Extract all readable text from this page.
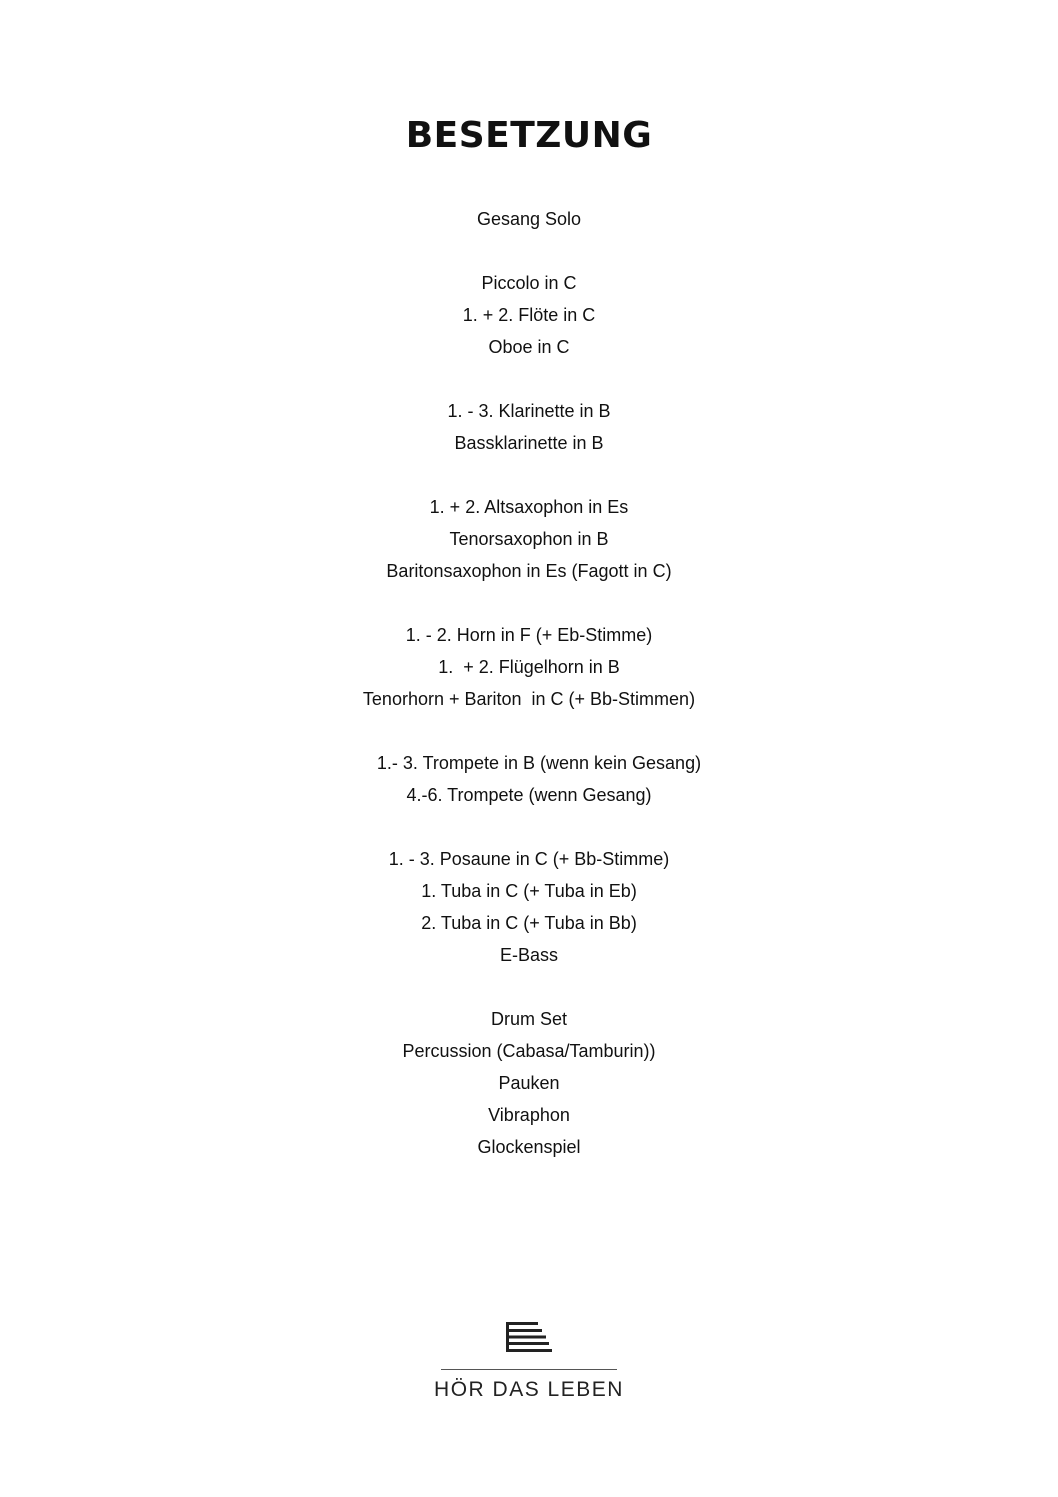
BESETZUNG
Gesang Solo
Piccolo in C
1. + 2. Flöte in C
Oboe in C
1. - 3. Klarinette in B
Bassklarinette in B
1. + 2. Altsaxophon in Es
Tenorsaxophon in B
Baritonsaxophon in Es (Fagott in C)
1. - 2. Horn in F (+ Eb-Stimme)
1.  + 2. Flügelhorn in B
Tenorhorn + Bariton  in C (+ Bb-Stimmen)
1.- 3. Trompete in B (wenn kein Gesang)
4.-6. Trompete (wenn Gesang)
1. - 3. Posaune in C (+ Bb-Stimme)
1. Tuba in C (+ Tuba in Eb)
2. Tuba in C (+ Tuba in Bb)
E-Bass
Drum Set
Percussion (Cabasa/Tamburin))
Pauken
Vibraphon
Glockenspiel
HÖR DAS LEBEN
